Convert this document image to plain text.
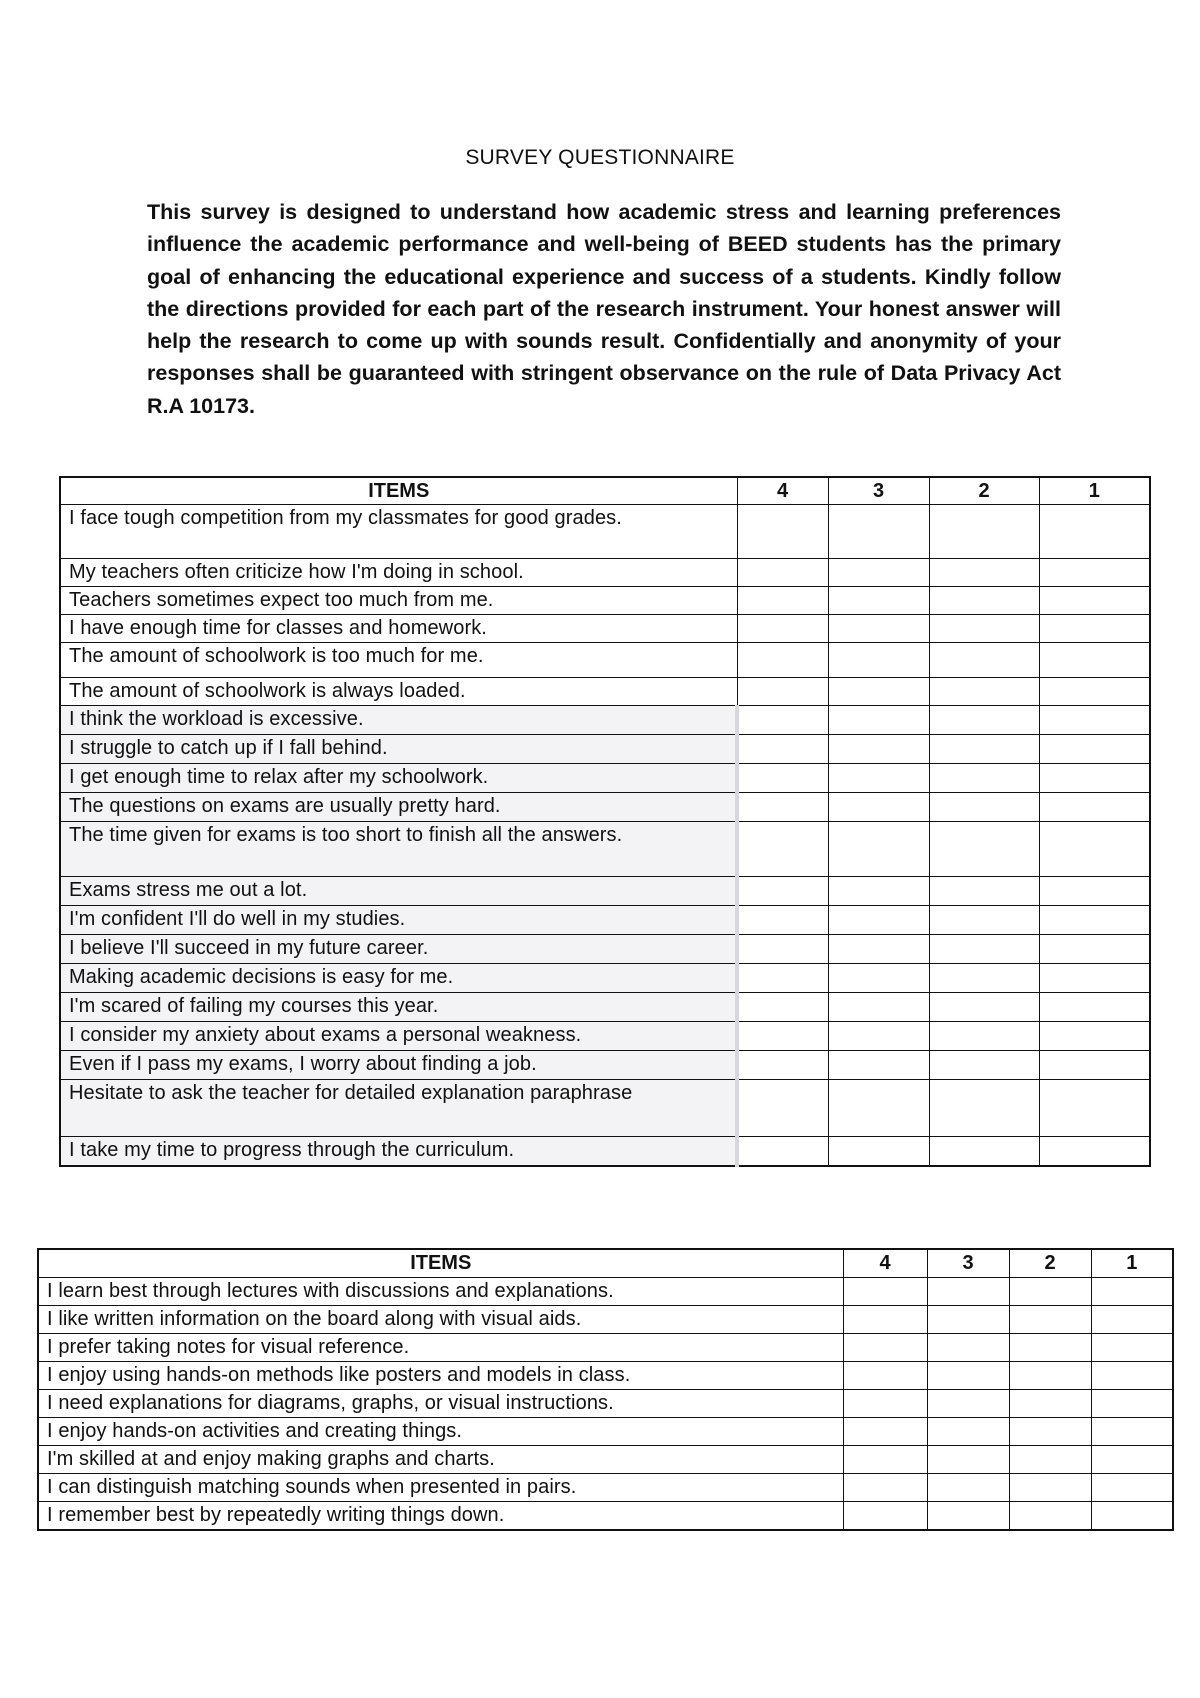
SURVEY QUESTIONNAIRE

This survey is designed to understand how academic stress and learning preferences influence the academic performance and well-being of BEED students has the primary goal of enhancing the educational experience and success of a students. Kindly follow the directions provided for each part of the research instrument. Your honest answer will help the research to come up with sounds result. Confidentially and anonymity of your responses shall be guaranteed with stringent observance on the rule of Data Privacy Act R.A 10173.

ITEMS	4	3	2	1
I face tough competition from my classmates for good grades.				
My teachers often criticize how I'm doing in school.				
Teachers sometimes expect too much from me.				
I have enough time for classes and homework.				
The amount of schoolwork is too much for me.				
The amount of schoolwork is always loaded.				
I think the workload is excessive.				
I struggle to catch up if I fall behind.				
I get enough time to relax after my schoolwork.				
The questions on exams are usually pretty hard.				
The time given for exams is too short to finish all the answers.				
Exams stress me out a lot.				
I'm confident I'll do well in my studies.				
I believe I'll succeed in my future career.				
Making academic decisions is easy for me.				
I'm scared of failing my courses this year.				
I consider my anxiety about exams a personal weakness.				
Even if I pass my exams, I worry about finding a job.				
Hesitate to ask the teacher for detailed explanation paraphrase				
I take my time to progress through the curriculum.				
ITEMS	4	3	2	1
I learn best through lectures with discussions and explanations.				
I like written information on the board along with visual aids.				
I prefer taking notes for visual reference.				
I enjoy using hands-on methods like posters and models in class.				
I need explanations for diagrams, graphs, or visual instructions.				
I enjoy hands-on activities and creating things.				
I'm skilled at and enjoy making graphs and charts.				
I can distinguish matching sounds when presented in pairs.				
I remember best by repeatedly writing things down.				
